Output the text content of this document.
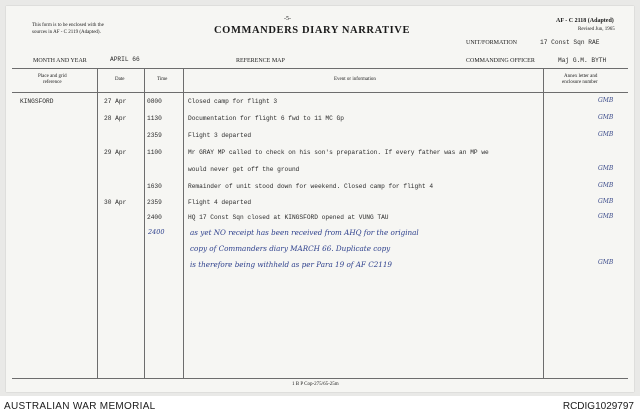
This form is to be enclosed with the
sources in AF - C 2119 (Adapted).
-5-
COMMANDERS DIARY NARRATIVE
AF - C 2118 (Adapted)
Revised Jun, 1965
UNIT/FORMATION	17 Const Sqn RAE
MONTH AND YEAR	APRIL 66	REFERENCE MAP	COMMANDING OFFICER	Maj G.M. BYTH
Place and grid
reference
Date	Time	Event or information
Annex letter and
enclosure number
KINGSFORD	27 Apr	0800	Closed camp for flight 3	GMB
28 Apr	1130	Documentation for flight 6 fwd to 11 MC Gp	GMB
2359	Flight 3 departed	GMB
29 Apr	1100	Mr GRAY MP called to check on his son's preparation. If every father was an MP we
would never get off the ground	GMB
1630	Remainder of unit stood down for weekend. Closed camp for flight 4	GMB
30 Apr	2359	Flight 4 departed	GMB
2400	HQ 17 Const Sqn closed at KINGSFORD opened at VUNG TAU	GMB
2400	as yet NO receipt has been received from AHQ for the original
copy of Commanders diary MARCH 66. Duplicate copy
is therefore being withheld as per Para 19 of AF C2119	GMB
1 B P Cop-275/65-25m
AUSTRALIAN WAR MEMORIAL	RCDIG1029797
